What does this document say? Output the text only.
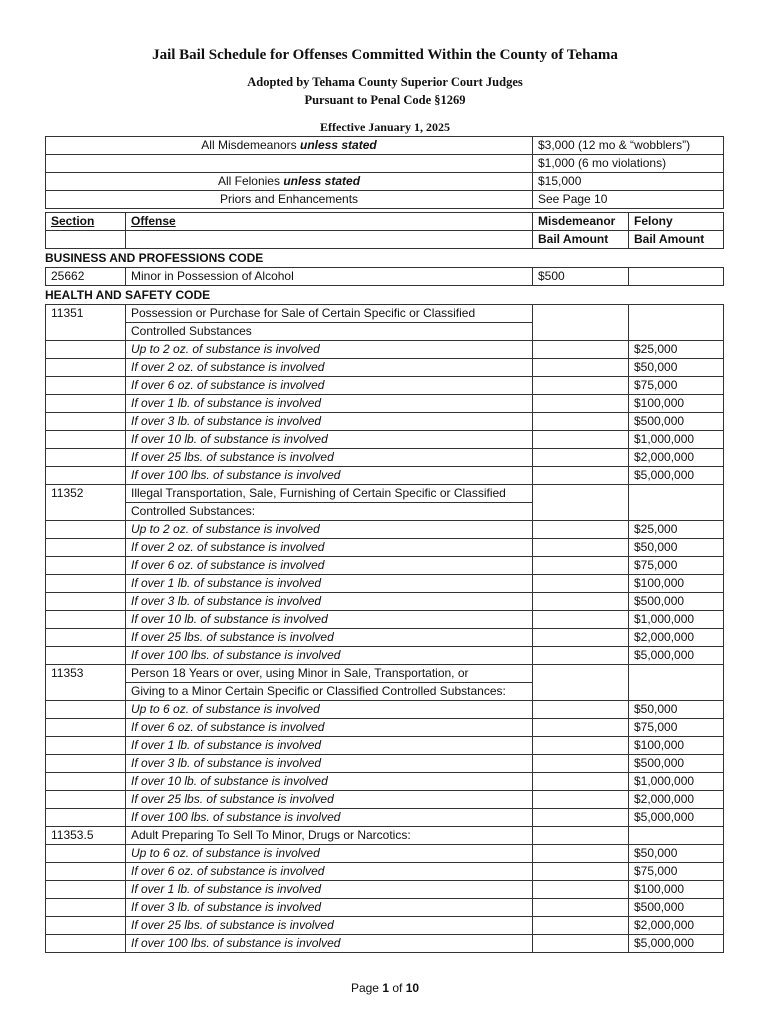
Jail Bail Schedule for Offenses Committed Within the County of Tehama
Adopted by Tehama County Superior Court Judges
Pursuant to Penal Code §1269
Effective January 1, 2025
All Misdemeanors unless stated	$3,000 (12 mo & “wobblers”)
	$1,000 (6 mo violations)
All Felonies unless stated	$15,000
Priors and Enhancements	See Page 10
Section	Offense	Misdemeanor	Felony
		Bail Amount	Bail Amount
BUSINESS AND PROFESSIONS CODE
25662	Minor in Possession of Alcohol	$500	
HEALTH AND SAFETY CODE
11351	Possession or Purchase for Sale of Certain Specific or Classified		
	Controlled Substances		
	Up to 2 oz. of substance is involved		$25,000
	If over 2 oz. of substance is involved		$50,000
	If over 6 oz. of substance is involved		$75,000
	If over 1 lb. of substance is involved		$100,000
	If over 3 lb. of substance is involved		$500,000
	If over 10 lb. of substance is involved		$1,000,000
	If over 25 lbs. of substance is involved		$2,000,000
	If over 100 lbs. of substance is involved		$5,000,000
11352	Illegal Transportation, Sale, Furnishing of Certain Specific or Classified		
	Controlled Substances:		
	Up to 2 oz. of substance is involved		$25,000
	If over 2 oz. of substance is involved		$50,000
	If over 6 oz. of substance is involved		$75,000
	If over 1 lb. of substance is involved		$100,000
	If over 3 lb. of substance is involved		$500,000
	If over 10 lb. of substance is involved		$1,000,000
	If over 25 lbs. of substance is involved		$2,000,000
	If over 100 lbs. of substance is involved		$5,000,000
11353	Person 18 Years or over, using Minor in Sale, Transportation, or		
	Giving to a Minor Certain Specific or Classified Controlled Substances:		
	Up to 6 oz. of substance is involved		$50,000
	If over 6 oz. of substance is involved		$75,000
	If over 1 lb. of substance is involved		$100,000
	If over 3 lb. of substance is involved		$500,000
	If over 10 lb. of substance is involved		$1,000,000
	If over 25 lbs. of substance is involved		$2,000,000
	If over 100 lbs. of substance is involved		$5,000,000
11353.5	Adult Preparing To Sell To Minor, Drugs or Narcotics:		
	Up to 6 oz. of substance is involved		$50,000
	If over 6 oz. of substance is involved		$75,000
	If over 1 lb. of substance is involved		$100,000
	If over 3 lb. of substance is involved		$500,000
	If over 25 lbs. of substance is involved		$2,000,000
	If over 100 lbs. of substance is involved		$5,000,000
Page 1 of 10
